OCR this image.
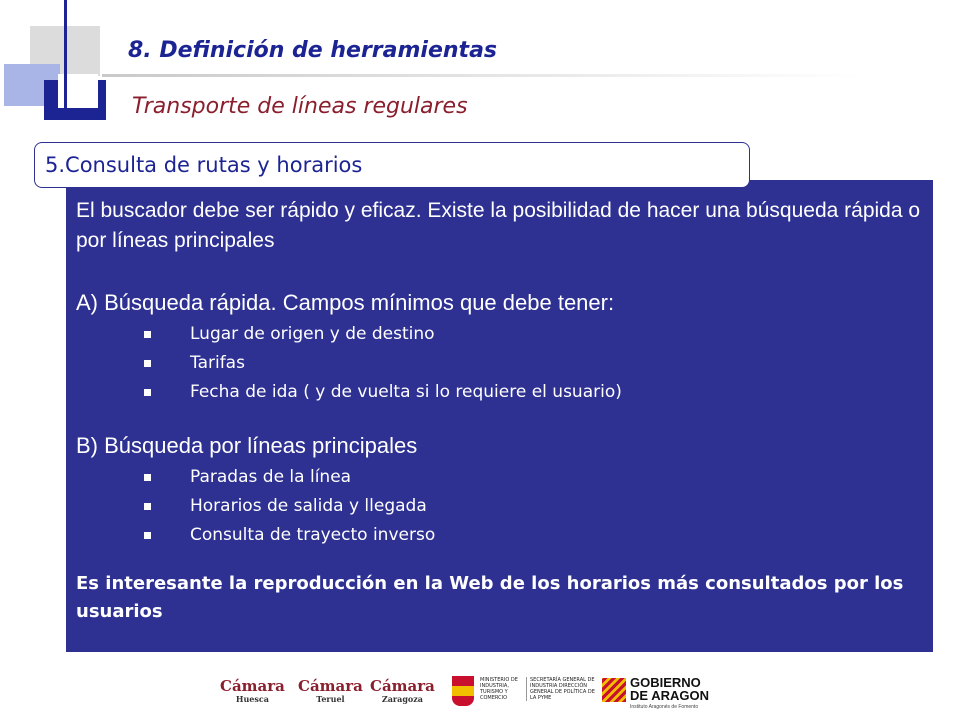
8. Definición de herramientas
Transporte de líneas regulares
5.Consulta de rutas y horarios

El buscador debe ser rápido y eficaz. Existe la posibilidad de hacer una búsqueda rápida o por líneas principales

A) Búsqueda rápida. Campos mínimos que debe tener:

Lugar de origen y de destino
Tarifas
Fecha de ida ( y de vuelta si lo requiere el usuario)

B) Búsqueda por líneas principales

Paradas de la línea
Horarios de salida y llegada
Consulta de trayecto inverso

Es interesante la reproducción en la Web de los horarios más consultados por los usuarios

Cámara
Huesca
Cámara
Teruel
Cámara
Zaragoza
MINISTERIO DE INDUSTRIA, TURISMO Y COMERCIO
SECRETARÍA GENERAL DE INDUSTRIA DIRECCIÓN GENERAL DE POLÍTICA DE LA PYME
GOBIERNO
DE ARAGON
Instituto Aragonés de Fomento
